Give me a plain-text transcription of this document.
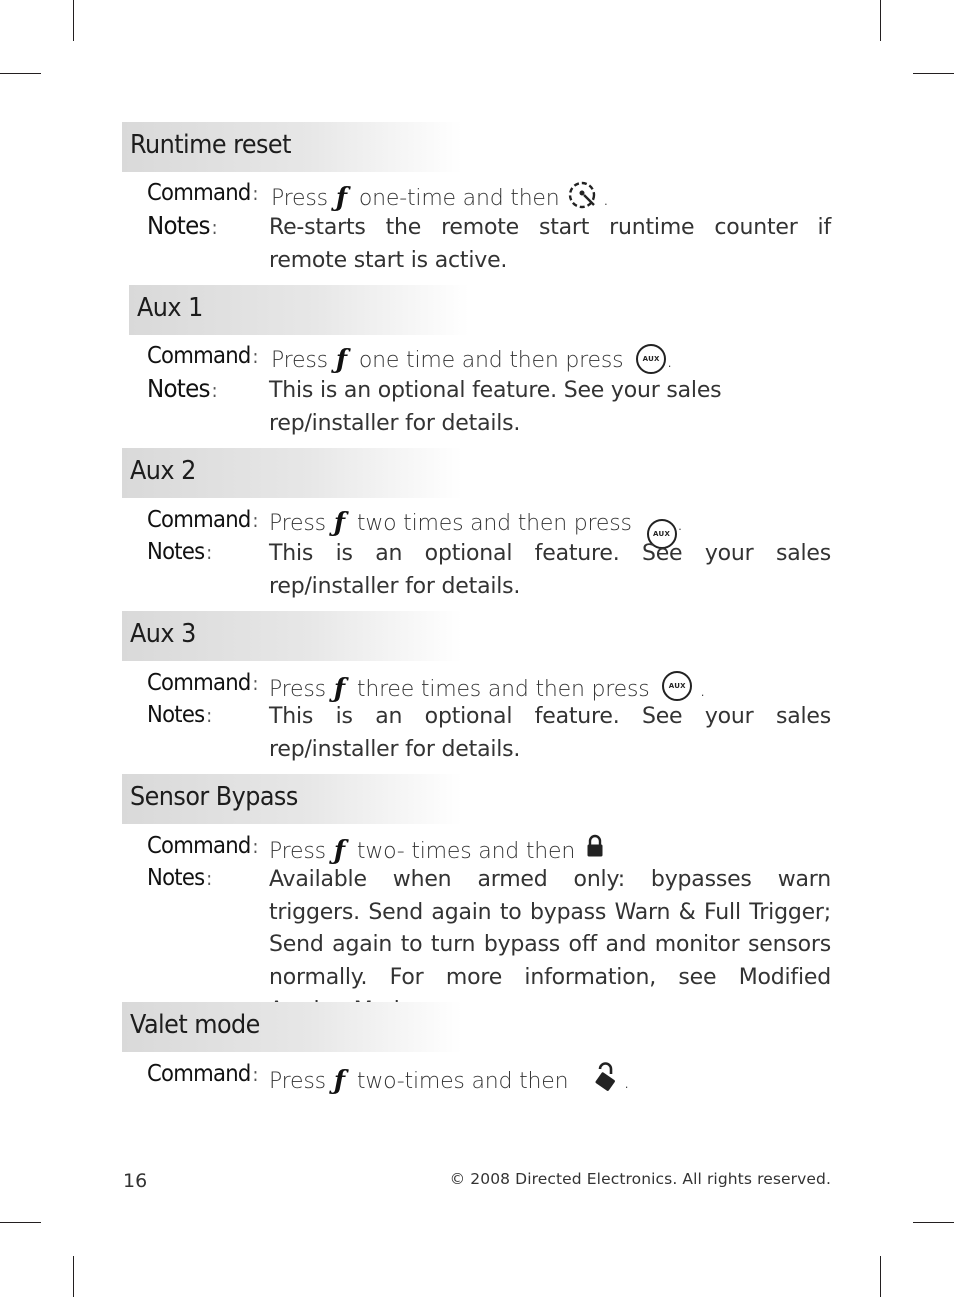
Runtime reset
Command: Press ƒ one-time and then .
Notes: Re-starts the remote start runtime counter if remote start is active.
Aux 1
Command: Press ƒ one time and then press	AUX .
Notes: This is an optional feature. See your sales rep/installer for details.
Aux 2
Command: Press ƒ two times and then press	AUX .
Notes:	This is an optional feature. See your sales rep/installer for details.
Aux 3
Command: Press ƒ three times and then press	AUX .
Notes:	This is an optional feature. See your sales rep/installer for details.
Sensor Bypass
Command: Press ƒ two- times and then
Notes:	Available when armed only: bypasses warn triggers. Send again to bypass Warn & Full Trigger; Send again to turn bypass off and monitor sensors normally. For more information, see Modified
Valet mode
Command: Press ƒ two-times and then .
16	© 2008 Directed Electronics. All rights reserved.
